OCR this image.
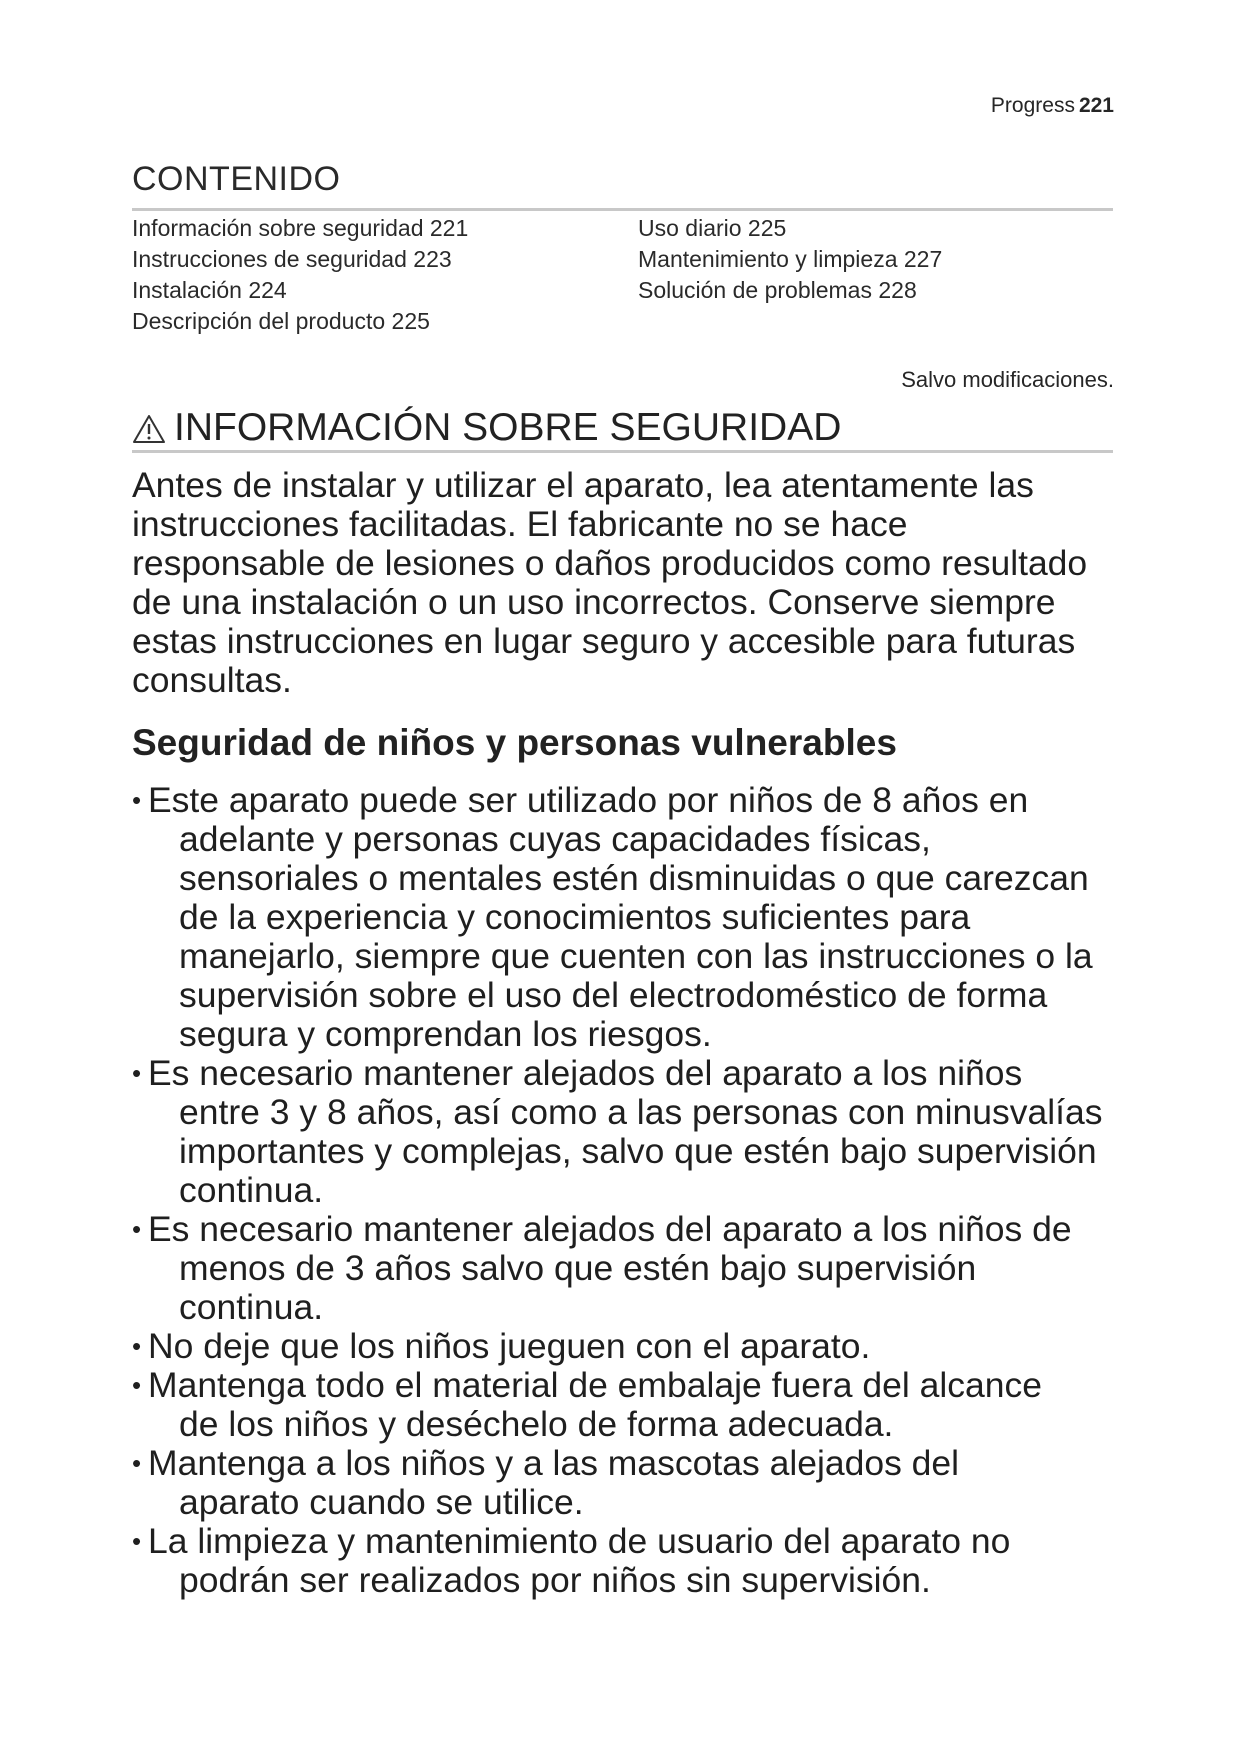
Progress 221
CONTENIDO
Información sobre seguridad 221
Instrucciones de seguridad 223
Instalación 224
Descripción del producto 225
Uso diario 225
Mantenimiento y limpieza 227
Solución de problemas 228
Salvo modificaciones.
INFORMACIÓN SOBRE SEGURIDAD
Antes de instalar y utilizar el aparato, lea atentamente las
instrucciones facilitadas. El fabricante no se hace
responsable de lesiones o daños producidos como resultado
de una instalación o un uso incorrectos. Conserve siempre
estas instrucciones en lugar seguro y accesible para futuras
consultas.
Seguridad de niños y personas vulnerables
• Este aparato puede ser utilizado por niños de 8 años en
adelante y personas cuyas capacidades físicas,
sensoriales o mentales estén disminuidas o que carezcan
de la experiencia y conocimientos suficientes para
manejarlo, siempre que cuenten con las instrucciones o la
supervisión sobre el uso del electrodoméstico de forma
segura y comprendan los riesgos.
• Es necesario mantener alejados del aparato a los niños
entre 3 y 8 años, así como a las personas con minusvalías
importantes y complejas, salvo que estén bajo supervisión
continua.
• Es necesario mantener alejados del aparato a los niños de
menos de 3 años salvo que estén bajo supervisión
continua.
• No deje que los niños jueguen con el aparato.
• Mantenga todo el material de embalaje fuera del alcance
de los niños y deséchelo de forma adecuada.
• Mantenga a los niños y a las mascotas alejados del
aparato cuando se utilice.
• La limpieza y mantenimiento de usuario del aparato no
podrán ser realizados por niños sin supervisión.
